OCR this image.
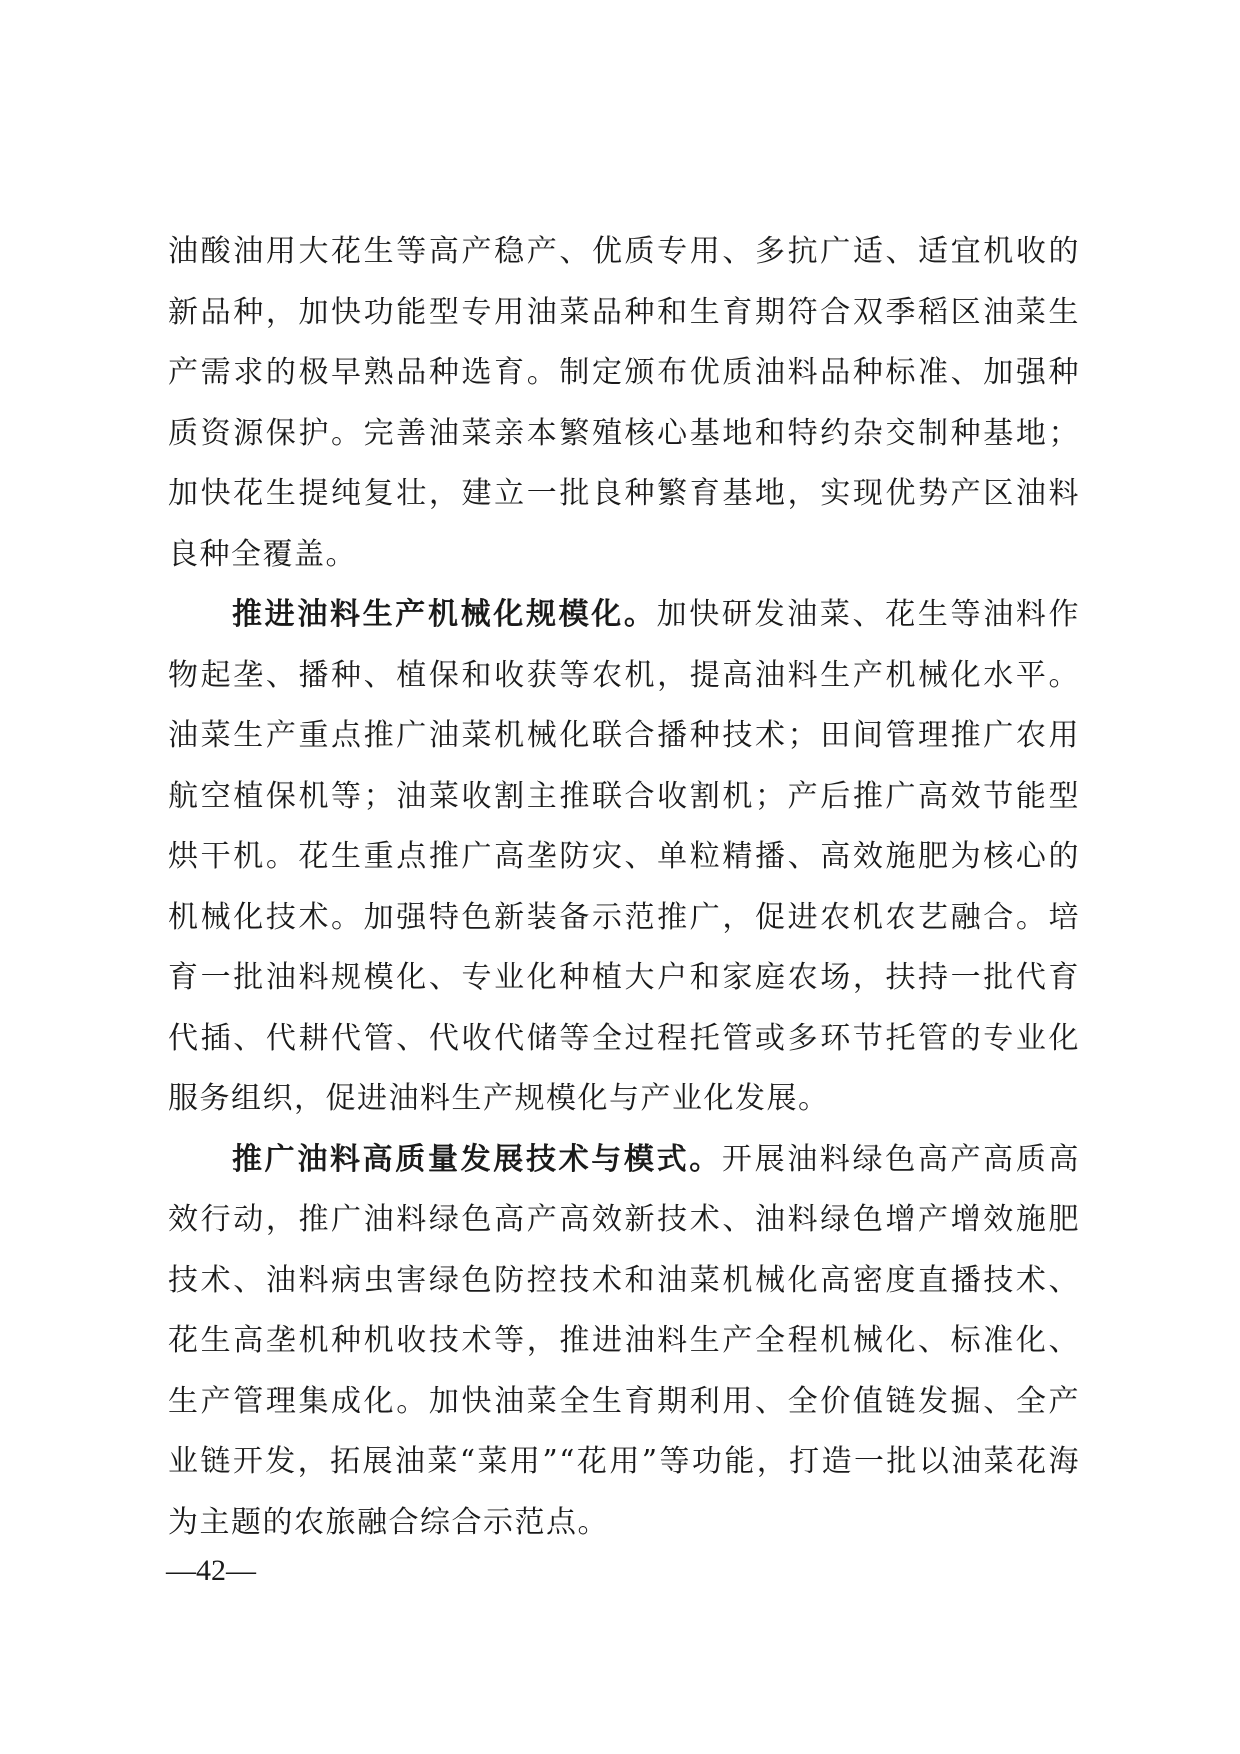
油酸油用大花生等高产稳产、优质专用、多抗广适、适宜机收的新品种，加快功能型专用油菜品种和生育期符合双季稻区油菜生产需求的极早熟品种选育。制定颁布优质油料品种标准、加强种质资源保护。完善油菜亲本繁殖核心基地和特约杂交制种基地；加快花生提纯复壮，建立一批良种繁育基地，实现优势产区油料良种全覆盖。

推进油料生产机械化规模化。加快研发油菜、花生等油料作物起垄、播种、植保和收获等农机，提高油料生产机械化水平。油菜生产重点推广油菜机械化联合播种技术；田间管理推广农用航空植保机等；油菜收割主推联合收割机；产后推广高效节能型烘干机。花生重点推广高垄防灾、单粒精播、高效施肥为核心的机械化技术。加强特色新装备示范推广，促进农机农艺融合。培育一批油料规模化、专业化种植大户和家庭农场，扶持一批代育代插、代耕代管、代收代储等全过程托管或多环节托管的专业化服务组织，促进油料生产规模化与产业化发展。

推广油料高质量发展技术与模式。开展油料绿色高产高质高效行动，推广油料绿色高产高效新技术、油料绿色增产增效施肥技术、油料病虫害绿色防控技术和油菜机械化高密度直播技术、花生高垄机种机收技术等，推进油料生产全程机械化、标准化、生产管理集成化。加快油菜全生育期利用、全价值链发掘、全产业链开发，拓展油菜“菜用”“花用”等功能，打造一批以油菜花海为主题的农旅融合综合示范点。

—42—
